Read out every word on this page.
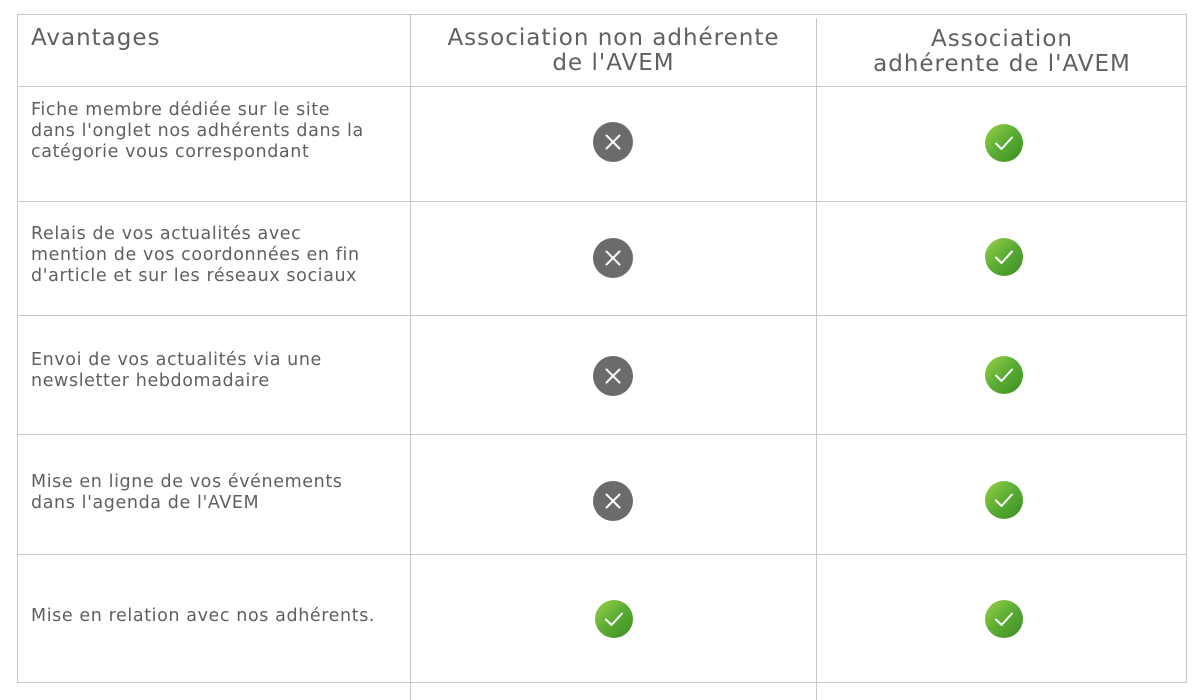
Avantages	Association non adhérente
de l'AVEM
Association
adhérente de l'AVEM
Fiche membre dédiée sur le site
dans l'onglet nos adhérents dans la
catégorie vous correspondant
Relais de vos actualités avec
mention de vos coordonnées en fin
d'article et sur les réseaux sociaux
Envoi de vos actualités via une
newsletter hebdomadaire
Mise en ligne de vos événements
dans l'agenda de l'AVEM
Mise en relation avec nos adhérents.
